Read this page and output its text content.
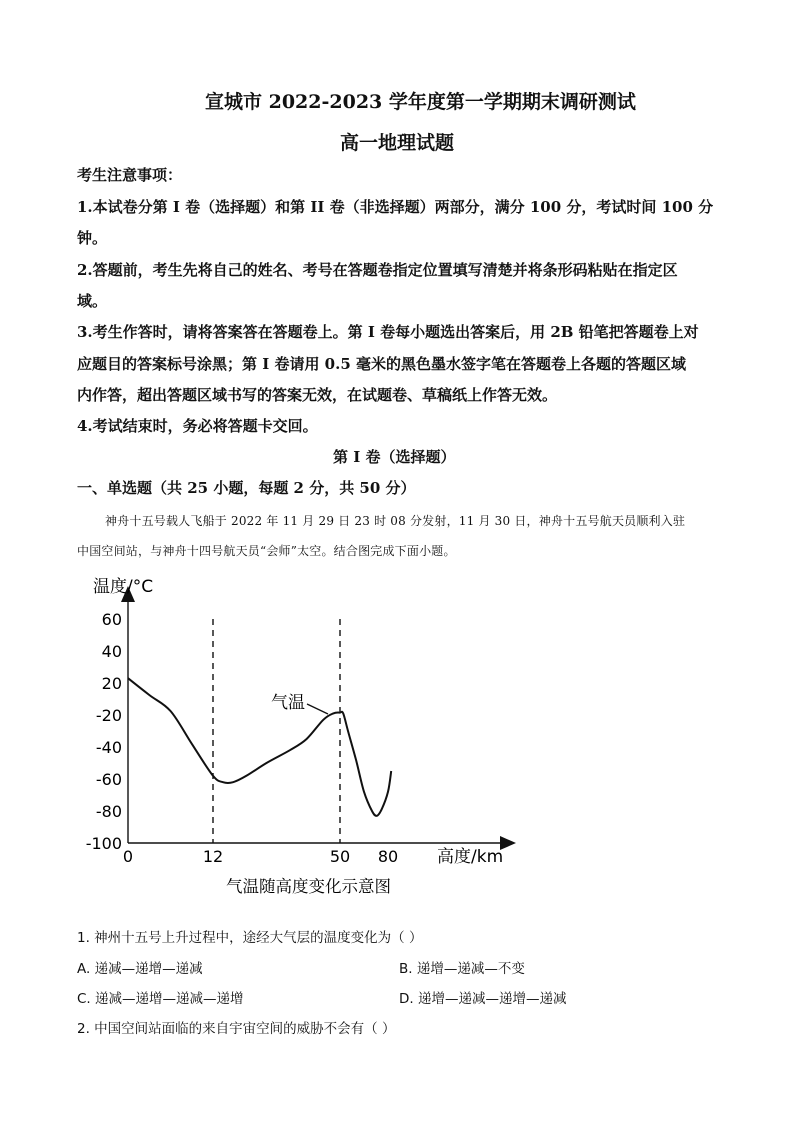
宣城市 2022-2023 学年度第一学期期末调研测试
高一地理试题
考生注意事项：
1.本试卷分第 I 卷（选择题）和第 II 卷（非选择题）两部分，满分 100 分，考试时间 100 分
钟。
2.答题前，考生先将自己的姓名、考号在答题卷指定位置填写清楚并将条形码粘贴在指定区
域。
3.考生作答时，请将答案答在答题卷上。第 I 卷每小题选出答案后，用 2B 铅笔把答题卷上对
应题目的答案标号涂黑；第 I 卷请用 0.5 毫米的黑色墨水签字笔在答题卷上各题的答题区域
内作答，超出答题区域书写的答案无效，在试题卷、草稿纸上作答无效。
4.考试结束时，务必将答题卡交回。
第 I 卷（选择题）
一、单选题（共 25 小题，每题 2 分，共 50 分）
神舟十五号载人飞船于 2022 年 11 月 29 日 23 时 08 分发射，11 月 30 日，神舟十五号航天员顺利入驻
中国空间站，与神舟十四号航天员“会师”太空。结合图完成下面小题。
60
40
20
-20
-40
-60
-80
-100
0	12	50 80
温度/°C
高度/km
气温
气温随高度变化示意图
1. 神州十五号上升过程中，途经大气层的温度变化为（ ）
A. 递减—递增—递减	B. 递增—递减—不变
C. 递减—递增—递减—递增	D. 递增—递减—递增—递减
2. 中国空间站面临的来自宇宙空间的威胁不会有（ ）
